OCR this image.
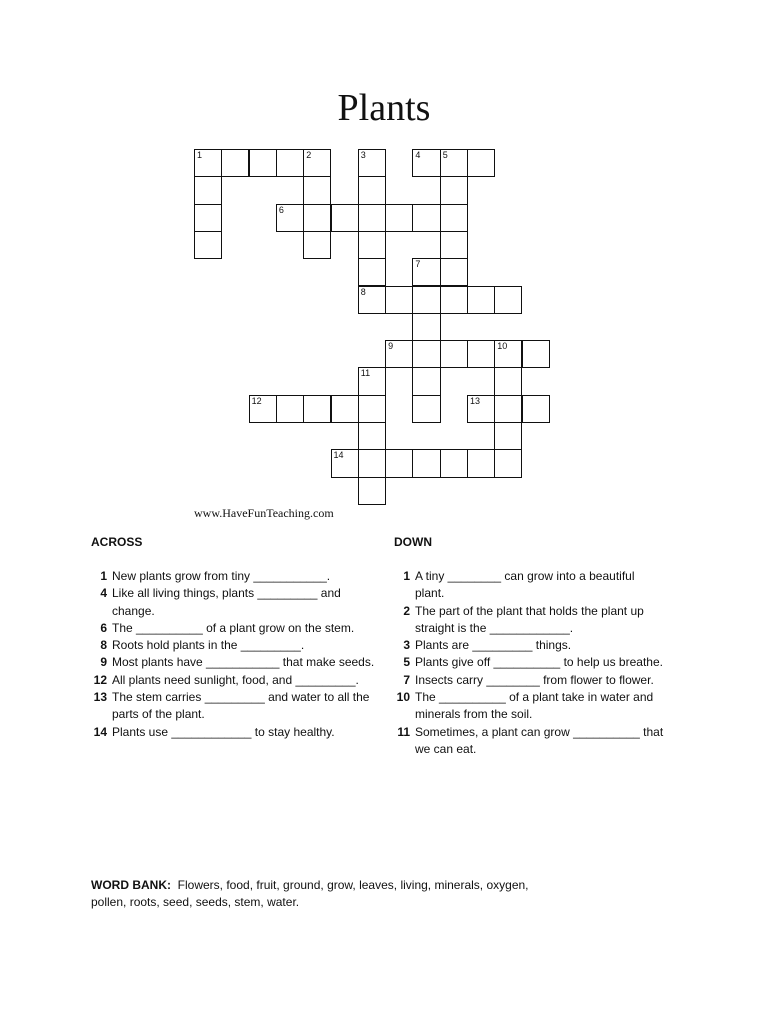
Plants
1	2	3	4 5
6
7
8
9	10
11
12	13
14
www.HaveFunTeaching.com
ACROSS
1 New plants grow from tiny ___________.
4 Like all living things, plants _________ and change.
6 The __________ of a plant grow on the stem.
8 Roots hold plants in the _________.
9 Most plants have ___________ that make seeds.
12 All plants need sunlight, food, and _________.
13 The stem carries _________ and water to all the parts of the plant.
14 Plants use ____________ to stay healthy.
DOWN
1 A tiny ________ can grow into a beautiful plant.
2 The part of the plant that holds the plant up straight is the ____________.
3 Plants are _________ things.
5 Plants give off __________ to help us breathe.
7 Insects carry ________ from flower to flower.
10 The __________ of a plant take in water and minerals from the soil.
11 Sometimes, a plant can grow __________ that we can eat.
WORD BANK: Flowers, food, fruit, ground, grow, leaves, living, minerals, oxygen, pollen, roots, seed, seeds, stem, water.
